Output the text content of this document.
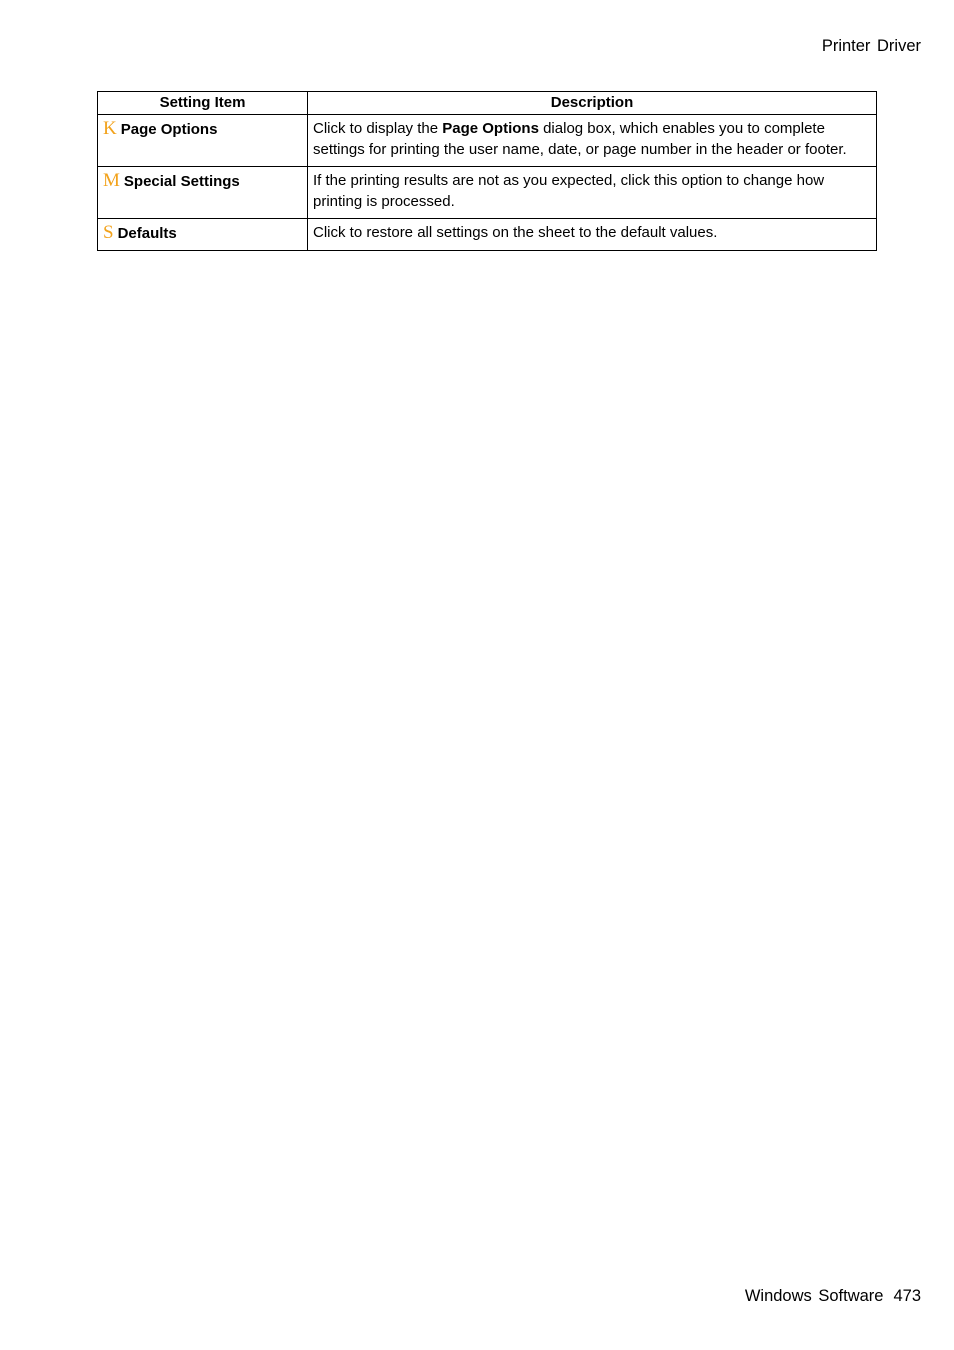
Printer Driver
Setting Item	Description
K Page Options	Click to display the Page Options dialog box, which enables you to complete settings for printing the user name, date, or page number in the header or footer.
M Special Settings	If the printing results are not as you expected, click this option to change how printing is processed.
S Defaults	Click to restore all settings on the sheet to the default values.
Windows Software 473
